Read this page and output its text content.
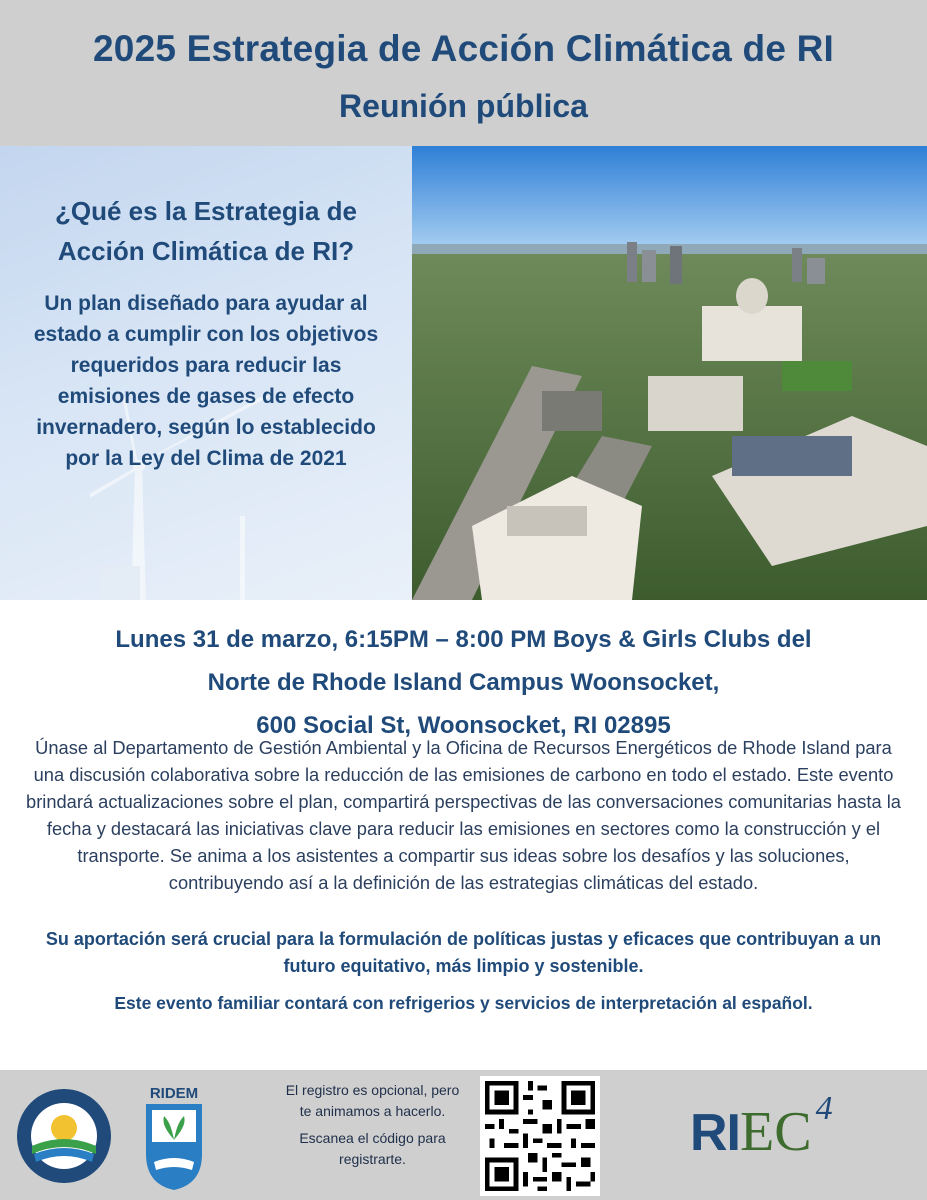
2025 Estrategia de Acción Climática de RI
Reunión pública
¿Qué es la Estrategia de
Acción Climática de RI?
Un plan diseñado para ayudar al estado a cumplir con los objetivos requeridos para reducir las emisiones de gases de efecto invernadero, según lo establecido por la Ley del Clima de 2021
Lunes 31 de marzo, 6:15PM – 8:00 PM Boys & Girls Clubs del
Norte de Rhode Island Campus Woonsocket,
600 Social St, Woonsocket, RI 02895
Únase al Departamento de Gestión Ambiental y la Oficina de Recursos Energéticos de Rhode Island para una discusión colaborativa sobre la reducción de las emisiones de carbono en todo el estado. Este evento brindará actualizaciones sobre el plan, compartirá perspectivas de las conversaciones comunitarias hasta la fecha y destacará las iniciativas clave para reducir las emisiones en sectores como la construcción y el transporte. Se anima a los asistentes a compartir sus ideas sobre los desafíos y las soluciones, contribuyendo así a la definición de las estrategias climáticas del estado.
Su aportación será crucial para la formulación de políticas justas y eficaces que contribuyan a un futuro equitativo, más limpio y sostenible.
Este evento familiar contará con refrigerios y servicios de interpretación al español.
RIDEM	El registro es opcional, pero te animamos a hacerlo.

Escanea el código para registrarte.	RIEC 4
